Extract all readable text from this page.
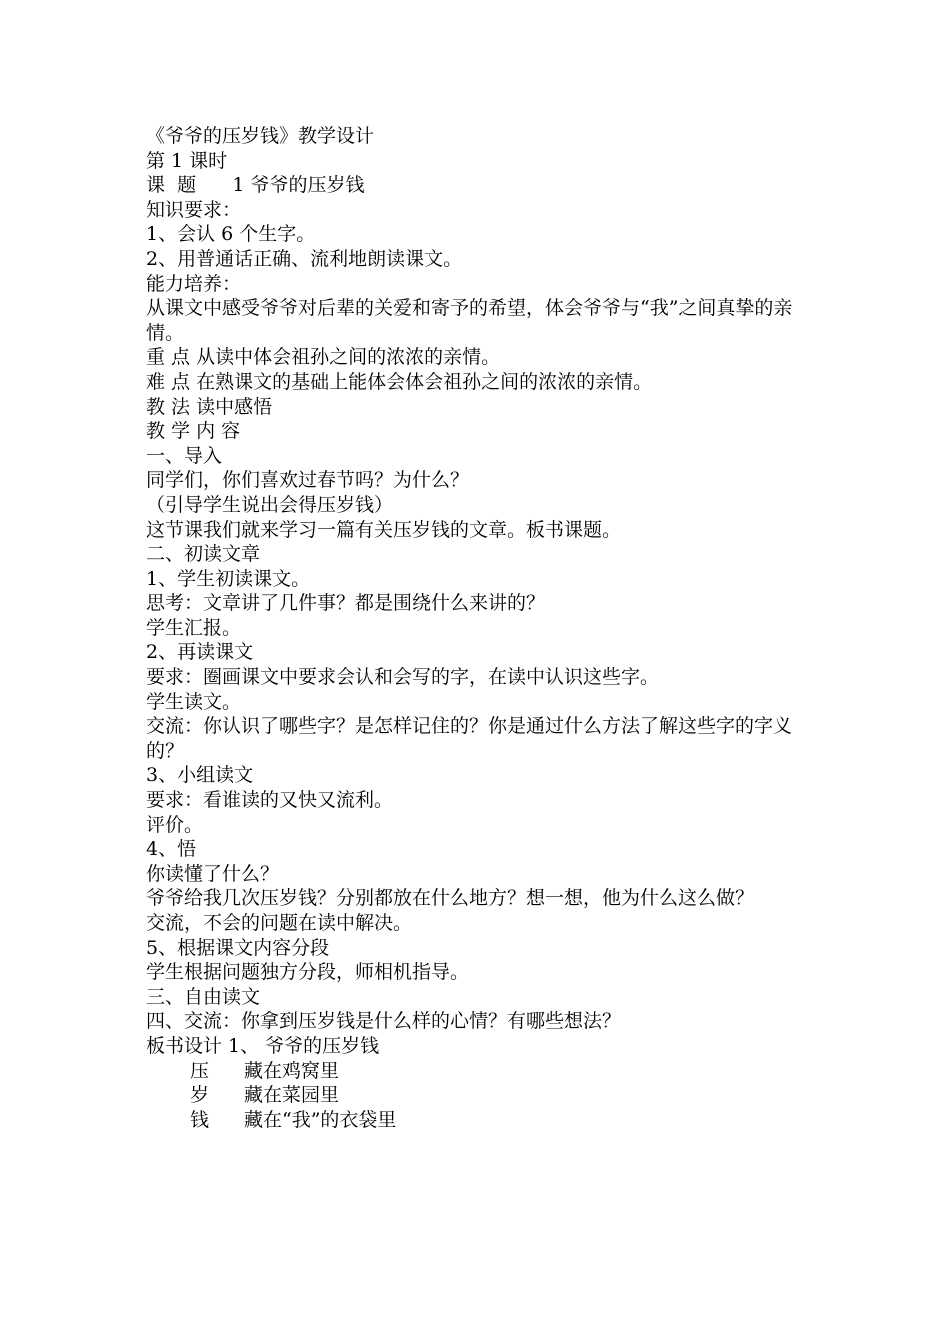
《爷爷的压岁钱》教学设计

第 1 课时

课  题      1 爷爷的压岁钱

知识要求：

1、会认 6 个生字。

2、用普通话正确、流利地朗读课文。

能力培养：

从课文中感受爷爷对后辈的关爱和寄予的希望，体会爷爷与“我”之间真挚的亲情。

重 点 从读中体会祖孙之间的浓浓的亲情。

难 点 在熟课文的基础上能体会体会祖孙之间的浓浓的亲情。

教 法 读中感悟

教 学 内 容

一、导入

同学们，你们喜欢过春节吗？为什么？

（引导学生说出会得压岁钱）

这节课我们就来学习一篇有关压岁钱的文章。板书课题。

二、初读文章

1、学生初读课文。

思考：文章讲了几件事？都是围绕什么来讲的？

学生汇报。

2、再读课文

要求：圈画课文中要求会认和会写的字，在读中认识这些字。

学生读文。

交流：你认识了哪些字？是怎样记住的？你是通过什么方法了解这些字的字义的？

3、小组读文

要求：看谁读的又快又流利。

评价。

4、悟

你读懂了什么？

爷爷给我几次压岁钱？分别都放在什么地方？想一想，他为什么这么做？

交流，不会的问题在读中解决。

5、根据课文内容分段

学生根据问题独方分段，师相机指导。

三、自由读文

四、交流：你拿到压岁钱是什么样的心情？有哪些想法？

板书设计 1、 爷爷的压岁钱

压	藏在鸡窝里
岁	藏在菜园里
钱	藏在“我”的衣袋里
